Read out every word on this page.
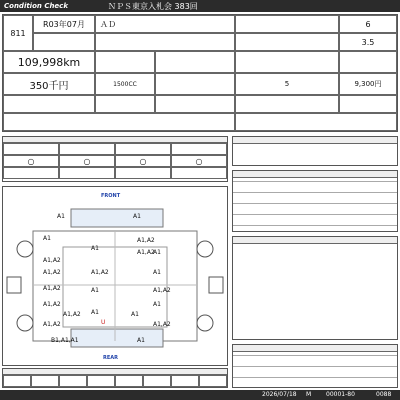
Condition Check	ＮＰＳ東京入札会 383回
811
R03年07月 ＡＤ	6
3.5
109,998km
350千円	1500CC	5	9,300円
○	○	○	○
FRONT
REAR
A1	A1
A1	A1,A2
A1
A1,A2
A1,A2
A1,A2	A1
A1,A2	A1	A1,A2
A1,A2	A1
A1
U
B1,A1,A1	A1
A1,A2
A1,A2
A1
A1,A2
A1
A1,A2
2026/07/18 M 00001-80	0088
